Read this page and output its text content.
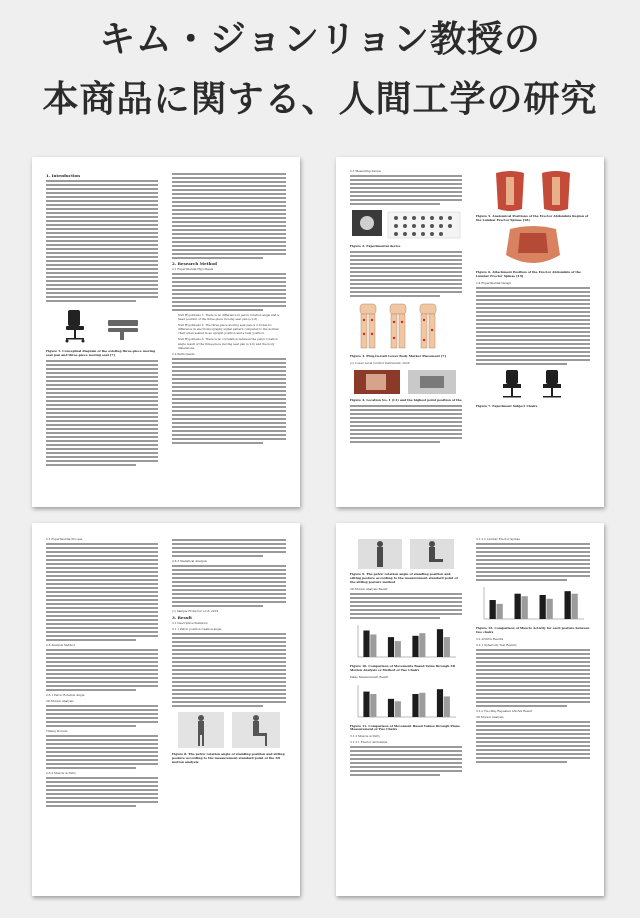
キム・ジョンリョン教授の
本商品に関する、人間工学の研究
1. Introduction
Figure 1. Conceptual diagram of the existing three-piece moving seat pan and three-piece moving seat [7]
2. Research Method
2.1 Experimental Hypothesis
Null Hypothesis 1: There is no difference in pelvic rotation angle and a head position of the three-piece moving seat pan (s 2.0).
Null Hypothesis 2: The three-piece moving seat pan (s 2.0) has no difference in electromyography signal pattern compared to the normal chair when seated in an upright position and a bent position.
Null Hypothesis 3: There is no correlation between the pelvic rotation angle result of the three-piece moving seat pan (s 2.0) and the body dimensions.
2.2 Participants
2.3 Measuring Device
Figure 2. Experimental device
Figure 3. Plug-In-Gait Lower Body Marker Placement [7]
(1) Lower Level Control Instrument: 2020
Figure 4. Location No. 1 (L1) and the highest point position of the
Figure 5. Anatomical Positions of the Erector Abdominis Region of the Lumbar Erector Spinae [18]
Figure 6. Attachment Position of the Erector Abdominis of the Lumbar Erector Spinae [19]
2.4 Experimental Design
Figure 7. Experiment Subject Chairs
2.5 Experimental Process
2.6 Analysis Method
2.6.1 Pelvic Rotation Angle
3D Motion Analysis
Timing Posture
2.6.2 Muscle Activity
2.6.3 Statistical Analysis
(1) Sample Frotactor v.2.8, 2019
3. Result
3.1 Descriptive Statistics
3.1.1 Pelvic position rotation angle
Figure 8. The pelvic rotation angle of standing position and sitting posture according to the measurement standard point of the 3D motion analysis
Figure 9. The pelvic rotation angle of standing position and sitting posture according to the measurement standard point of the sitting posture method
3D Motion Analysis Result
Figure 10. Comparison of Movements Based Value through 3D Motion Analysis vs Method of Two Chairs
Plane Measurement Result
Figure 11. Comparison of Movement Based Values through Plane Measurement of Two Chairs
3.1.2 Muscle Activity
3.1.2.1 Erector Abdominis
3.1.2.2 Lumbar Erector Spinae
Figure 12. Comparison of Muscle Activity for each posture between two chairs
3.2 ANOVA Results
3.2.1 Sphericity Test Results
3.2.2 Two-Way Repeated ANOVA Result
3D Motion Analysis
